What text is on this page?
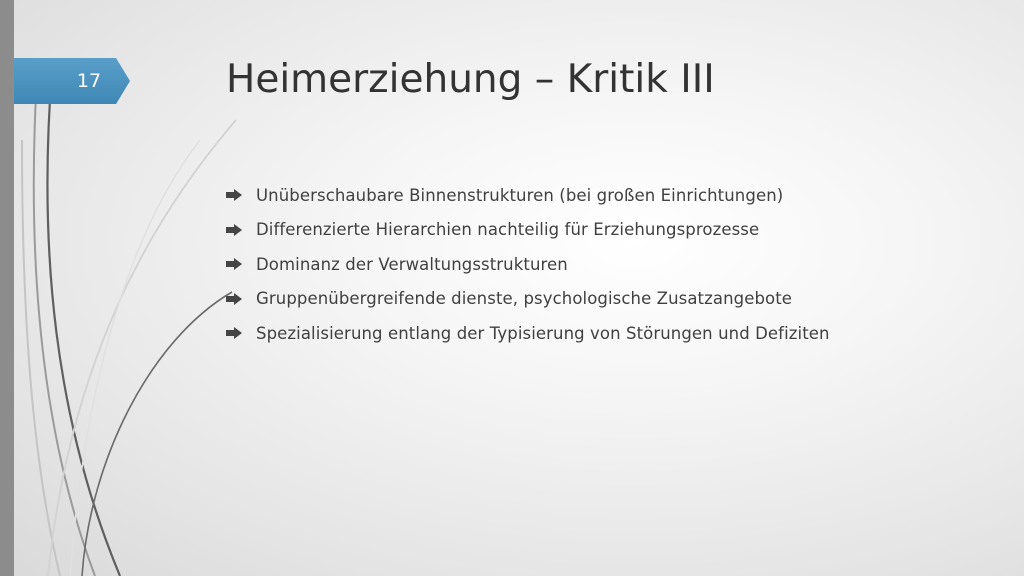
17	Heimerziehung – Kritik III
Unüberschaubare Binnenstrukturen (bei großen Einrichtungen)
Differenzierte Hierarchien nachteilig für Erziehungsprozesse
Dominanz der Verwaltungsstrukturen
Gruppenübergreifende dienste, psychologische Zusatzangebote
Spezialisierung entlang der Typisierung von Störungen und Defiziten
